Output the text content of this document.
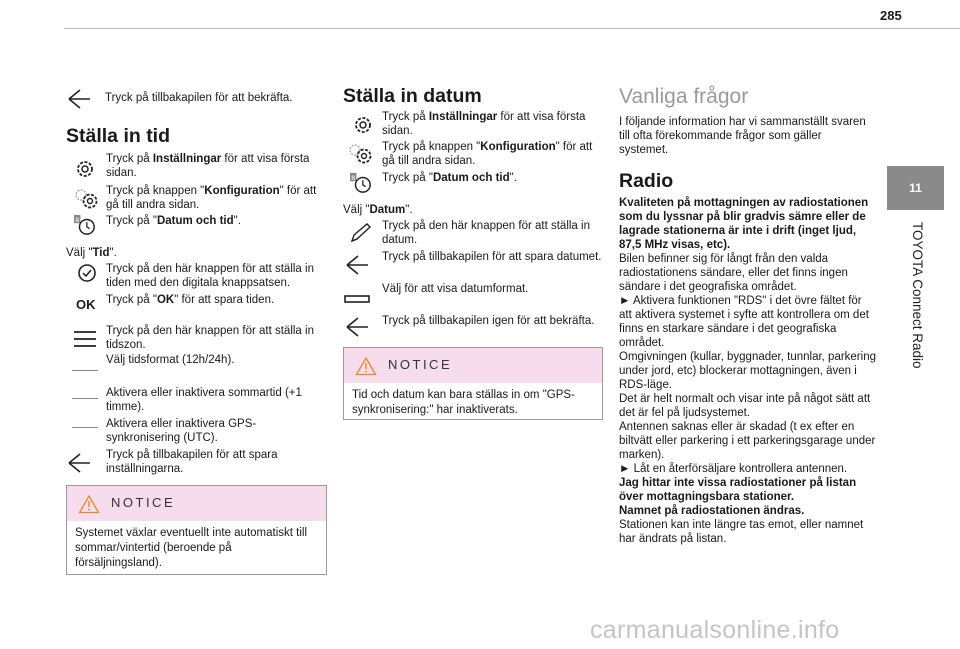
285
11
TOYOTA Connect Radio
Tryck på tillbakapilen för att bekräfta.
Ställa in tid
Tryck på Inställningar för att visa första sidan.
Tryck på knappen "Konfiguration" för att gå till andra sidan.
8 Tryck på "Datum och tid".
Välj "Tid".
Tryck på den här knappen för att ställa in tiden med den digitala knappsatsen.
OK Tryck på "OK" för att spara tiden.
Tryck på den här knappen för att ställa in tidszon.
Välj tidsformat (12h/24h).
Aktivera eller inaktivera sommartid (+1 timme).
Aktivera eller inaktivera GPS-synkronisering (UTC).
Tryck på tillbakapilen för att spara inställningarna.
NOTICE
Systemet växlar eventuellt inte automatiskt till sommar/vintertid (beroende på försäljningsland).
Ställa in datum
Tryck på Inställningar för att visa första sidan.
Tryck på knappen "Konfiguration" för att gå till andra sidan.
8 Tryck på "Datum och tid".
Välj "Datum".
Tryck på den här knappen för att ställa in datum.
Tryck på tillbakapilen för att spara datumet.
Välj för att visa datumformat.
Tryck på tillbakapilen igen för att bekräfta.
NOTICE
Tid och datum kan bara ställas in om "GPS-synkronisering:" har inaktiverats.
Vanliga frågor
I följande information har vi sammanställt svaren till ofta förekommande frågor som gäller systemet.
Radio

Kvaliteten på mottagningen av radiostationen som du lyssnar på blir gradvis sämre eller de lagrade stationerna är inte i drift (inget ljud, 87,5 MHz visas, etc).

Bilen befinner sig för långt från den valda radiostationens sändare, eller det finns ingen sändare i det geografiska området.

► Aktivera funktionen "RDS" i det övre fältet för att aktivera systemet i syfte att kontrollera om det finns en starkare sändare i det geografiska området.

Omgivningen (kullar, byggnader, tunnlar, parkering under jord, etc) blockerar mottagningen, även i RDS-läge.

Det är helt normalt och visar inte på något sätt att det är fel på ljudsystemet.

Antennen saknas eller är skadad (t ex efter en biltvätt eller parkering i ett parkeringsgarage under marken).

► Låt en återförsäljare kontrollera antennen.

Jag hittar inte vissa radiostationer på listan över mottagningsbara stationer.

Namnet på radiostationen ändras.

Stationen kan inte längre tas emot, eller namnet har ändrats på listan.

carmanualsonline.info
